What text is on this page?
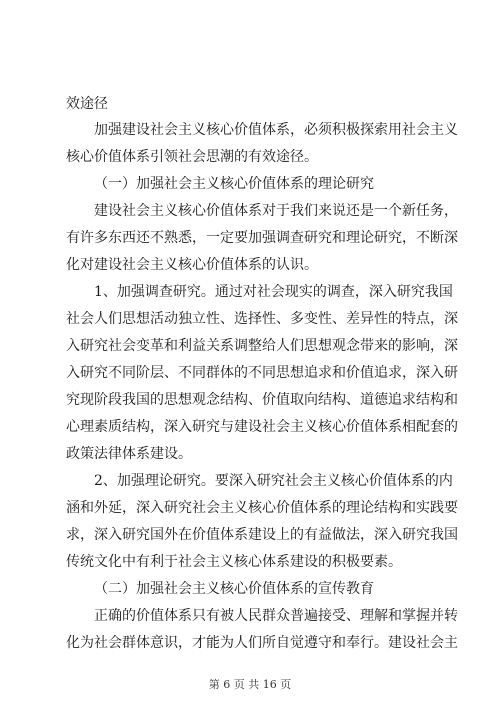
效途径
加强建设社会主义核心价值体系，必须积极探索用社会主义
核心价值体系引领社会思潮的有效途径。
（一）加强社会主义核心价值体系的理论研究
建设社会主义核心价值体系对于我们来说还是一个新任务，
有许多东西还不熟悉，一定要加强调查研究和理论研究，不断深
化对建设社会主义核心价值体系的认识。
1、加强调查研究。通过对社会现实的调查，深入研究我国
社会人们思想活动独立性、选择性、多变性、差异性的特点，深
入研究社会变革和利益关系调整给人们思想观念带来的影响，深
入研究不同阶层、不同群体的不同思想追求和价值追求，深入研
究现阶段我国的思想观念结构、价值取向结构、道德追求结构和
心理素质结构，深入研究与建设社会主义核心价值体系相配套的
政策法律体系建设。
2、加强理论研究。要深入研究社会主义核心价值体系的内
涵和外延，深入研究社会主义核心价值体系的理论结构和实践要
求，深入研究国外在价值体系建设上的有益做法，深入研究我国
传统文化中有利于社会主义核心体系建设的积极要素。
（二）加强社会主义核心价值体系的宣传教育
正确的价值体系只有被人民群众普遍接受、理解和掌握并转
化为社会群体意识，才能为人们所自觉遵守和奉行。建设社会主
第 6 页 共 16 页
